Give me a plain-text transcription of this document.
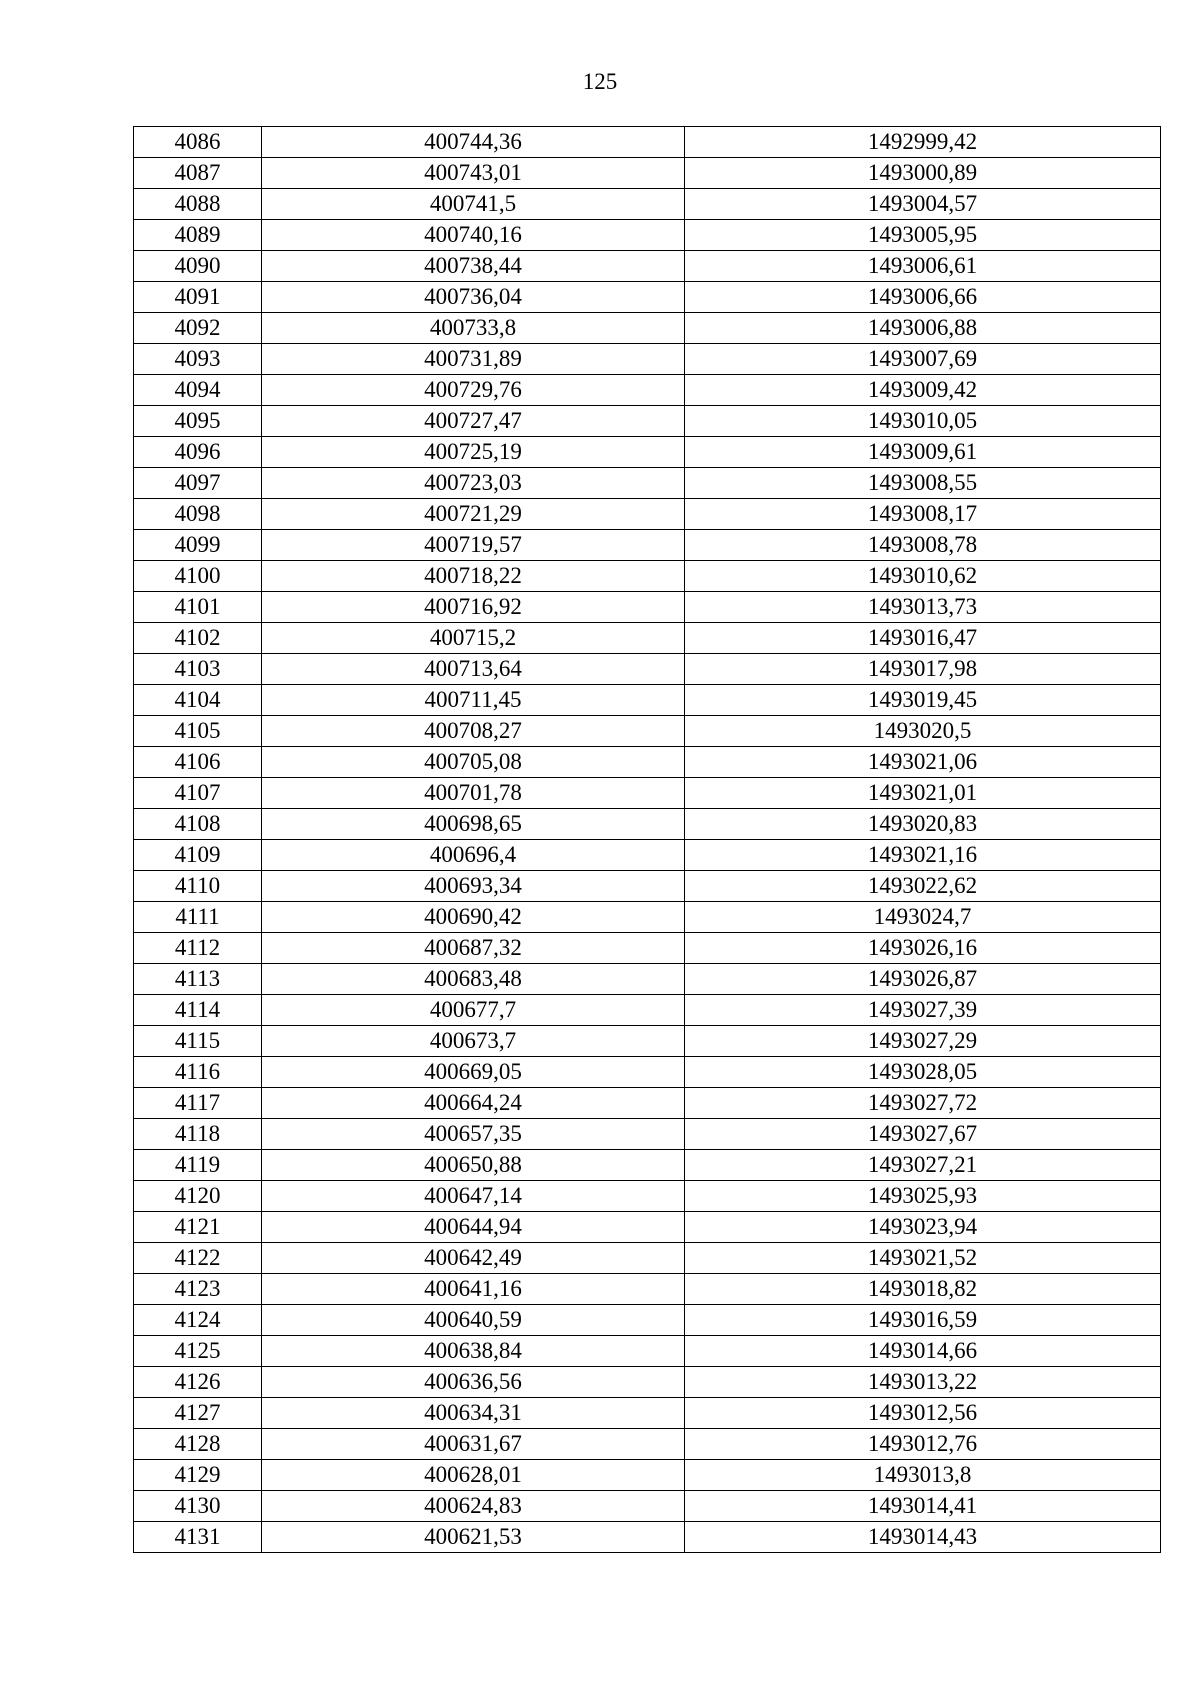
125
4086	400744,36	1492999,42
4087	400743,01	1493000,89
4088	400741,5	1493004,57
4089	400740,16	1493005,95
4090	400738,44	1493006,61
4091	400736,04	1493006,66
4092	400733,8	1493006,88
4093	400731,89	1493007,69
4094	400729,76	1493009,42
4095	400727,47	1493010,05
4096	400725,19	1493009,61
4097	400723,03	1493008,55
4098	400721,29	1493008,17
4099	400719,57	1493008,78
4100	400718,22	1493010,62
4101	400716,92	1493013,73
4102	400715,2	1493016,47
4103	400713,64	1493017,98
4104	400711,45	1493019,45
4105	400708,27	1493020,5
4106	400705,08	1493021,06
4107	400701,78	1493021,01
4108	400698,65	1493020,83
4109	400696,4	1493021,16
4110	400693,34	1493022,62
4111	400690,42	1493024,7
4112	400687,32	1493026,16
4113	400683,48	1493026,87
4114	400677,7	1493027,39
4115	400673,7	1493027,29
4116	400669,05	1493028,05
4117	400664,24	1493027,72
4118	400657,35	1493027,67
4119	400650,88	1493027,21
4120	400647,14	1493025,93
4121	400644,94	1493023,94
4122	400642,49	1493021,52
4123	400641,16	1493018,82
4124	400640,59	1493016,59
4125	400638,84	1493014,66
4126	400636,56	1493013,22
4127	400634,31	1493012,56
4128	400631,67	1493012,76
4129	400628,01	1493013,8
4130	400624,83	1493014,41
4131	400621,53	1493014,43
